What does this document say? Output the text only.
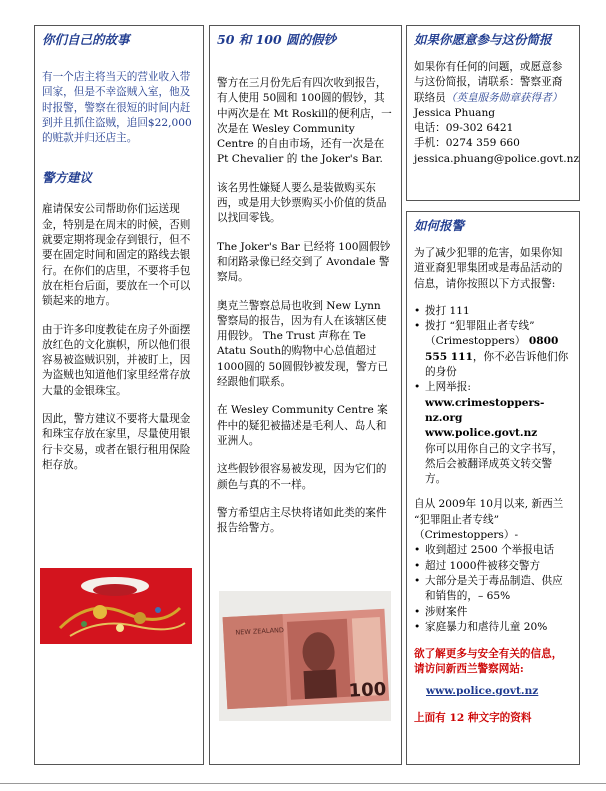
你们自己的故事

有一个店主将当天的营业收入带回家，但是不幸盗贼入室，他及时报警，警察在很短的时间内赶到并且抓住盗贼，追回$22,000的赃款并归还店主。

警方建议

雇请保安公司帮助你们运送现金，特别是在周末的时候，否则就要定期将现金存到银行，但不要在固定时间和固定的路线去银行。在你们的店里，不要将手包放在柜台后面，要放在一个可以锁起来的地方。

由于许多印度教徒在房子外面摆放红色的文化旗帜，所以他们很容易被盗贼识别，并被盯上，因为盗贼也知道他们家里经常存放大量的金银珠宝。

因此，警方建议不要将大量现金和珠宝存放在家里，尽量使用银行卡交易，或者在银行租用保险柜存放。

50 和 100 圆的假钞

警方在三月份先后有四次收到报告，有人使用 50圆和 100圆的假钞，其中两次是在 Mt Roskill的便利店，一次是在 Wesley Community Centre 的自由市场，还有一次是在 Pt Chevalier 的 the Joker's Bar.

该名男性嫌疑人要么是装做购买东西，或是用大钞票购买小价值的货品以找回零钱。

The Joker's Bar 已经将 100圆假钞和闭路录像已经交到了 Avondale 警察局。

奥克兰警察总局也收到 New Lynn 警察局的报告，因为有人在该辖区使用假钞。 The Trust 声称在 Te Atatu South的购物中心总值超过1000圆的 50圆假钞被发现，警方已经跟他们联系。

在 Wesley Community Centre 案件中的疑犯被描述是毛利人、岛人和亚洲人。

这些假钞很容易被发现，因为它们的颜色与真的不一样。

警方希望店主尽快将诸如此类的案件报告给警方。

NEW ZEALAND
100
如果你愿意参与这份简报

如果你有任何的问题，或愿意参与这份简报，请联系：警察亚裔联络员（英皇服务勋章获得者）

Jessica Phuang

电话：09-302 6421

手机：0274 359 660

jessica.phuang@police.govt.nz

如何报警

为了减少犯罪的危害，如果你知道亚裔犯罪集团或是毒品活动的信息，请你按照以下方式报警:

• 拨打 111
• 拨打 “犯罪阻止者专线” （Crimestoppers） 0800 555 111，你不必告诉他们你的身份
• 上网举报:
www.crimestoppers-nz.org
www.police.govt.nz
你可以用你自己的文字书写，然后会被翻译成英文转交警方。

自从 2009年 10月以来, 新西兰 “犯罪阻止者专线” （Crimestoppers）-

• 收到超过 2500 个举报电话
• 超过 1000件被移交警方
• 大部分是关于毒品制造、供应和销售的，– 65%
• 涉财案件
• 家庭暴力和虐待儿童 20%

欲了解更多与安全有关的信息，请访问新西兰警察网站:

www.police.govt.nz

上面有 12 种文字的资料
